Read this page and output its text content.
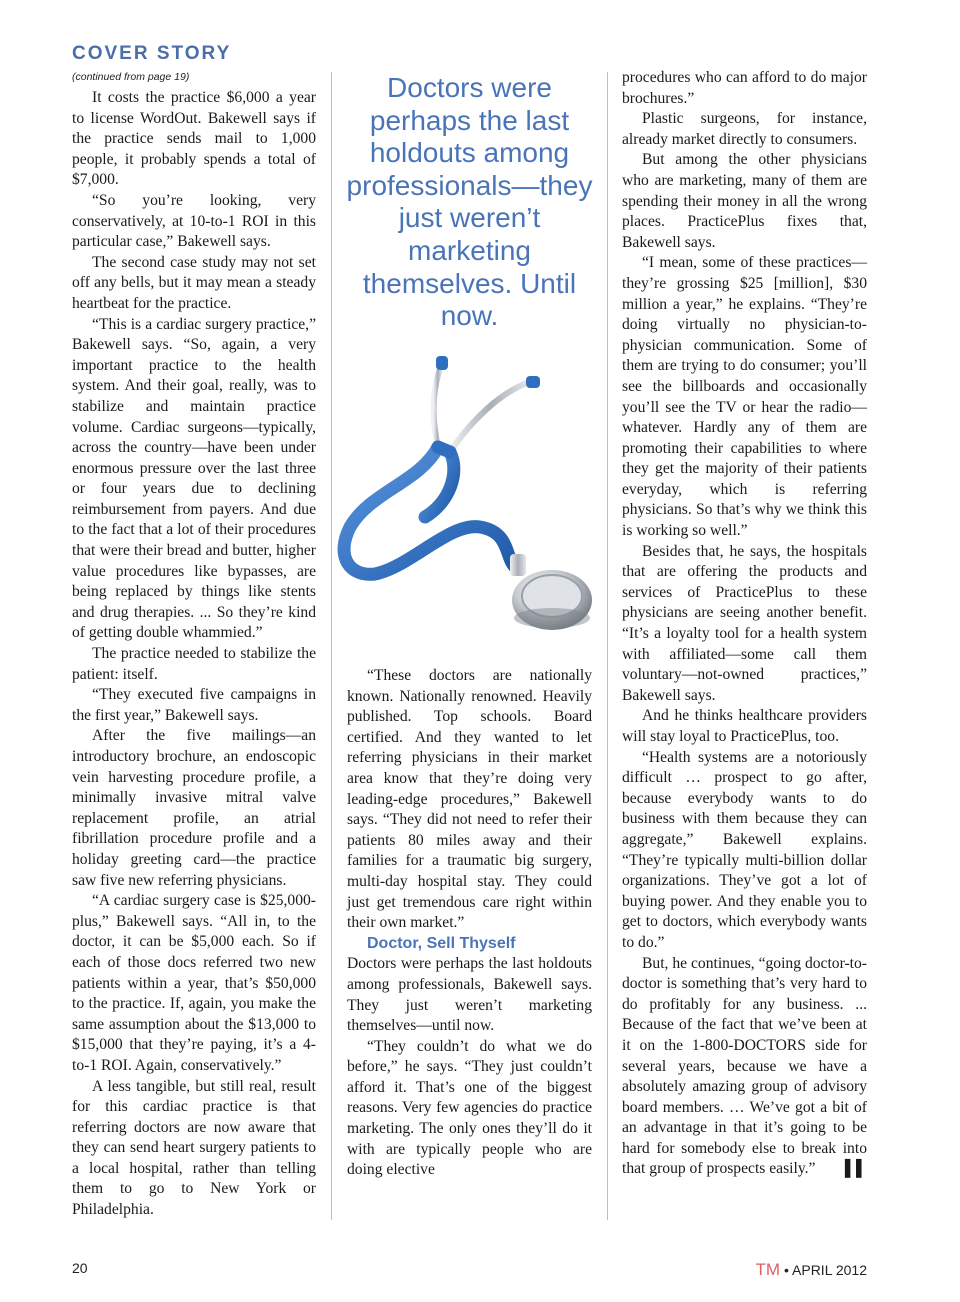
COVER STORY
(continued from page 19)

It costs the practice $6,000 a year to license WordOut. Bakewell says if the practice sends mail to 1,000 people, it probably spends a total of $7,000.

“So you’re looking, very conservatively, at 10-to-1 ROI in this particular case,” Bakewell says.

The second case study may not set off any bells, but it may mean a steady heartbeat for the practice.

“This is a cardiac surgery practice,” Bakewell says. “So, again, a very important practice to the health system. And their goal, really, was to stabilize and maintain practice volume. Cardiac surgeons—typically, across the country—have been under enormous pressure over the last three or four years due to declining reimbursement from payers. And due to the fact that a lot of their procedures that were their bread and butter, higher value procedures like bypasses, are being replaced by things like stents and drug therapies. ... So they’re kind of getting double whammied.”

The practice needed to stabilize the patient: itself.

“They executed five campaigns in the first year,” Bakewell says.

After the five mailings—an introductory brochure, an endoscopic vein harvesting procedure profile, a minimally invasive mitral valve replacement profile, an atrial fibrillation procedure profile and a holiday greeting card—the practice saw five new referring physicians.

“A cardiac surgery case is $25,000-plus,” Bakewell says. “All in, to the doctor, it can be $5,000 each. So if each of those docs referred two new patients within a year, that’s $50,000 to the practice. If, again, you make the same assumption about the $13,000 to $15,000 that they’re paying, it’s a 4-to-1 ROI. Again, conservatively.”

A less tangible, but still real, result for this cardiac practice is that referring doctors are now aware that they can send heart surgery patients to a local hospital, rather than telling them to go to New York or Philadelphia.

Doctors were perhaps the last holdouts among professionals—they just weren’t marketing themselves. Until now.

“These doctors are nationally known. Nationally renowned. Heavily published. Top schools. Board certified. And they wanted to let referring physicians in their market area know that they’re doing very leading-edge procedures,” Bakewell says. “They did not need to refer their patients 80 miles away and their families for a traumatic big surgery, multi-day hospital stay. They could just get tremendous care right within their own market.”

Doctor, Sell Thyself

Doctors were perhaps the last holdouts among professionals, Bakewell says. They just weren’t marketing themselves—until now.

“They couldn’t do what we do before,” he says. “They just couldn’t afford it. That’s one of the biggest reasons. Very few agencies do practice marketing. The only ones they’ll do it with are typically people who are doing elective

procedures who can afford to do major brochures.”

Plastic surgeons, for instance, already market directly to consumers.

But among the other physicians who are marketing, many of them are spending their money in all the wrong places. PracticePlus fixes that, Bakewell says.

“I mean, some of these practices—they’re grossing $25 [million], $30 million a year,” he explains. “They’re doing virtually no physician-to-physician communication. Some of them are trying to do consumer; you’ll see the billboards and occasionally you’ll see the TV or hear the radio—whatever. Hardly any of them are promoting their capabilities to where they get the majority of their patients everyday, which is referring physicians. So that’s why we think this is working so well.”

Besides that, he says, the hospitals that are offering the products and services of PracticePlus to these physicians are seeing another benefit. “It’s a loyalty tool for a health system with affiliated—some call them voluntary—not-owned practices,” Bakewell says.

And he thinks healthcare providers will stay loyal to PracticePlus, too.

“Health systems are a notoriously difficult … prospect to go after, because everybody wants to do business with them because they can aggregate,” Bakewell explains. “They’re typically multi-billion dollar organizations. They’ve got a lot of buying power. And they enable you to get to doctors, which everybody wants to do.”

But, he continues, “going doctor-to-doctor is something that’s very hard to do profitably for any business. ... Because of the fact that we’ve been at it on the 1-800-DOCTORS side for several years, because we have a absolutely amazing group of advisory board members. … We’ve got a bit of an advantage in that it’s going to be hard for somebody else to break into that group of prospects easily.”	▌▌

20	TM • APRIL 2012
